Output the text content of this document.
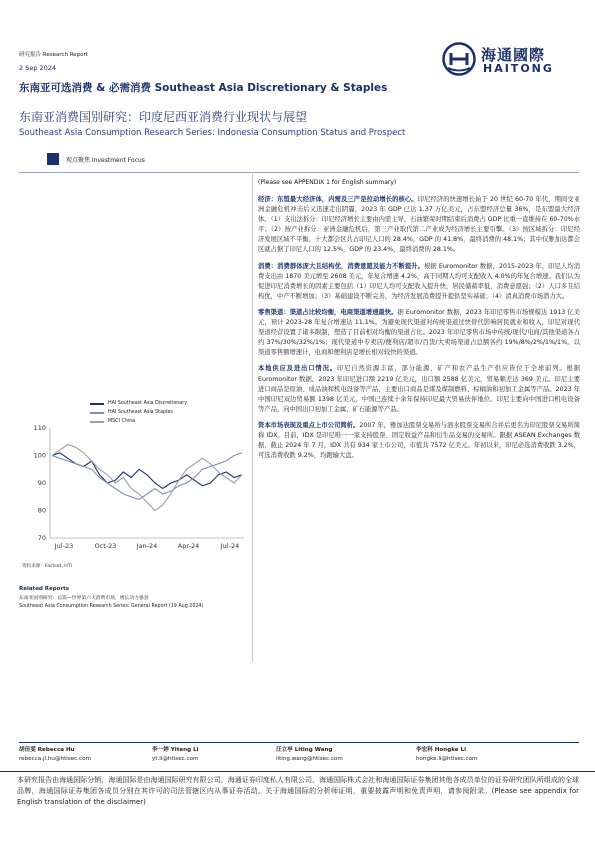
研究报告 Research Report
2 Sep 2024
东南亚可选消费 & 必需消费 Southeast Asia Discretionary & Staples
东南亚消费国别研究：印度尼西亚消费行业现状与展望
Southeast Asia Consumption Research Series: Indonesia Consumption Status and Prospect
海通國際
HAITONG
观点聚焦 Investment Focus
(Please see APPENDIX 1 for English summary)

经济：东盟最大经济体，内需及三产是拉动增长的核心。印尼经济的快速增长始于 20 世纪 60-70 年代，期间受亚洲金融危机冲击后又迅速走出阴霾，2023 年 GDP 已达 1.37 万亿美元，占东盟经济总量 36%，是东盟最大经济体。（1）支出法拆分：印尼经济增长主要由内需主导，石油繁荣时期结束后消费占 GDP 比重一直维持在 60-70%水平；（2）按产业拆分：亚洲金融危机后，第三产业取代第二产业成为经济增长主要引擎。（3）按区域拆分：印尼经济发展区域不平衡，十大都会区共占印尼人口的 28.4%，GDP 的 41.8%，最终消费的 48.1%；其中仅雅加达都会区就占据了印尼人口的 12.5%，GDP 的 23.4%，最终消费的 28.1%。

消费：消费群体庞大且结构优，消费意愿及能力不断提升。根据 Euromonitor 数据，2015-2023 年，印尼人均消费支出由 1870 美元增至 2608 美元，年复合增速 4.2%，高于同期人均可支配收入 4.0%的年复合增速。我们认为促进印尼消费增长的因素主要包括（1）印尼人均可支配收入提升快，居民储蓄率低，消费意愿强；（2）人口多且结构优，中产不断增加；（3）基础建设不断完善，为经济发展消费提升提供坚实基础；（4）清真消费市场潜力大。

零售渠道：渠道占比较均衡，电商渠道增速最快。据 Euromonitor 数据，2023 年印尼零售市场规模达 1913 亿美元，预计 2023-28 年复合增速达 11.1%。为避免现代渠道对传统渠道过快替代影响居民就业和收入，印尼对现代渠道经营设置了诸多限制，塑造了目前相对均衡的渠道占比。2023 年印尼零售市场中传统/现代/电商/其他渠道各占约 37%/30%/32%/1%；现代渠道中专卖店/便利店/超市/百货/大卖场渠道占总额各约 19%/8%/2%/1%/1%。以渠道零售额增速计，电商和便利店是增长相对较快的渠道。

本地供应及进出口情况。印尼自然资源丰富，部分能源、矿产和农产品生产供应皆位于全球前列。根据 Euromonitor 数据，2023 年印尼进口额 2219 亿美元，出口额 2588 亿美元，贸易顺差达 369 美元。印尼主要进口商品是原油、成品油和机电设备等产品，主要出口商品是煤及煤制燃料、棕榈油和初加工金属等产品。2023 年中国印尼双边贸易额 1398 亿美元，中国已连续十余年保持印尼最大贸易伙伴地位。印尼主要向中国进口机电设备等产品，向中国出口初加工金属、矿石能源等产品。

资本市场表现及重点上市公司简析。2007 年，雅加达股票交易所与泗水股票交易所合并后更名为印尼股票交易所简称 IDX。目前，IDX 是印尼唯一一家支持股票、固定收益产品和衍生品交易的交易所。跟据 ASEAN Exchanges 数据，截止 2024 年 7 月，IDX 共有 934 家上市公司，市值共 7572 亿美元。年初以来，印尼必选消费收跌 3.2%，可选消费收跌 9.2%，均跑输大盘。

HAI Southeast Asia Discretionary
HAI Southeast Asia Staples
MSCI China
70
80
90
100
110
Jul-23	Oct-23	Jan-24	Apr-24	Jul-24
资料来源：Factset, HTI
Related Reports
东南亚国别研究：总篇—世界第六大消费市场，增长动力强劲
Southeast Asia Consumption Research Series: General Report (19 Aug 2024)
胡佳雯 Rebecca Hu
rebecca.jl.hu@htisec.com
李一婷 Yiteng Li
yt.li@htisec.com
汪立亭 Liting Wang
liting.wang@htisec.com
李宏科 Hongke Li
hongke.li@htisec.com
本研究报告由海通国际分销，海通国际是由海通国际研究有限公司，海通证券印度私人有限公司，海通国际株式会社和海通国际证券集团其他各成员单位的证券研究团队所组成的全球品牌，海通国际证券集团各成员分别在其许可的司法管辖区内从事证券活动。关于海通国际的分析师证明，重要披露声明和免责声明，请参阅附录。(Please see appendix for English translation of the disclaimer)
